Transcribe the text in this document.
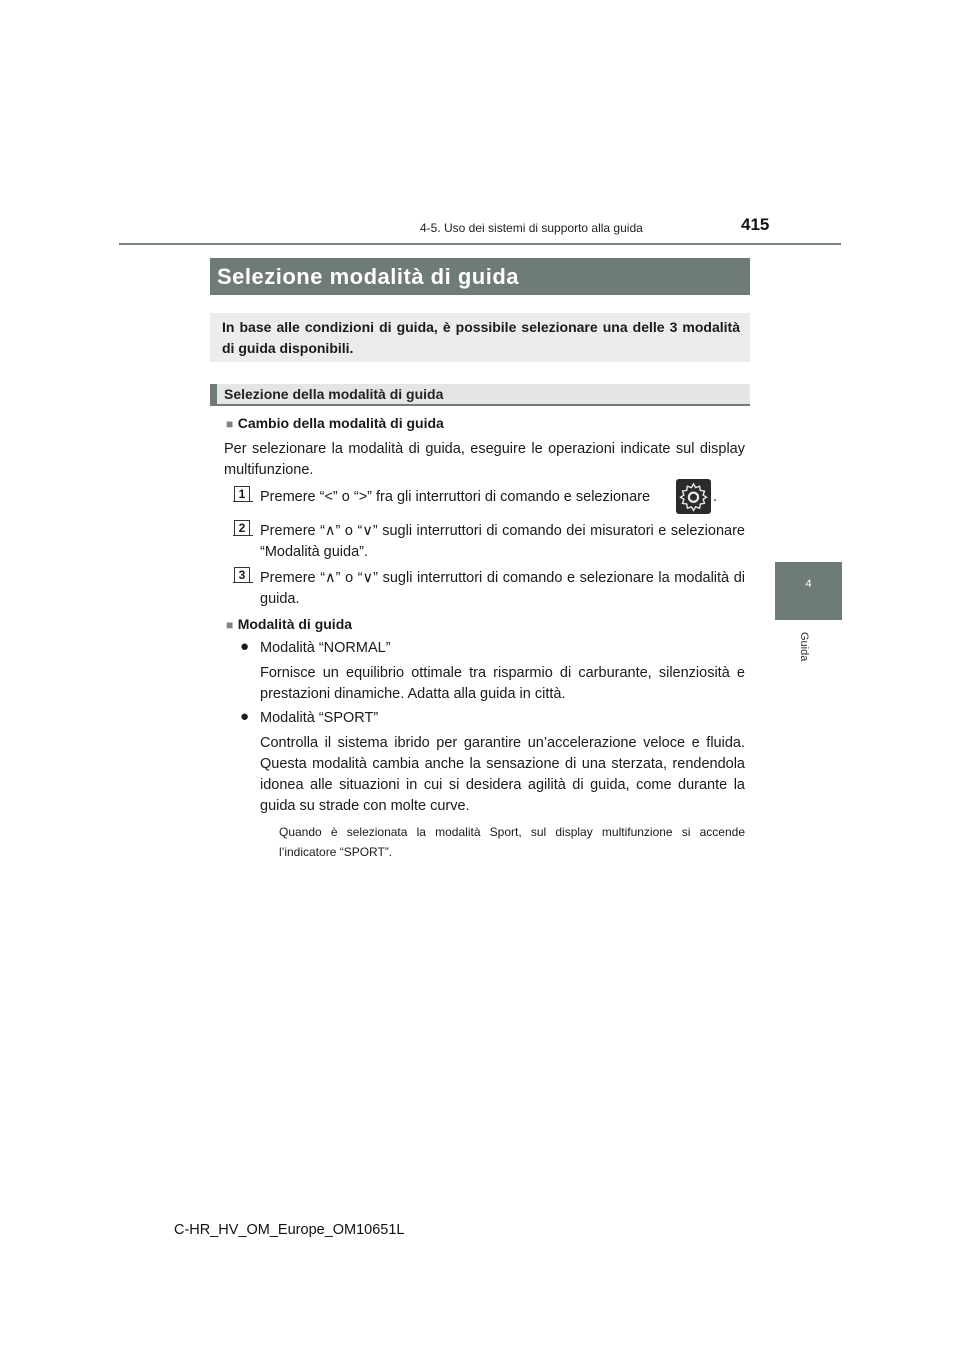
4-5. Uso dei sistemi di supporto alla guida	415
4
Guida
Selezione modalità di guida
In base alle condizioni di guida, è possibile selezionare una delle 3 modalità di guida disponibili.
Selezione della modalità di guida
■ Cambio della modalità di guida
Per selezionare la modalità di guida, eseguire le operazioni indicate sul display multifunzione.
1	Premere “<” o “>” fra gli interruttori di comando e selezionare	.
2	Premere “∧” o “∨” sugli interruttori di comando dei misuratori e selezionare “Modalità guida”.
3	Premere “∧” o “∨” sugli interruttori di comando e selezionare la modalità di guida.
■ Modalità di guida
● Modalità “NORMAL”
Fornisce un equilibrio ottimale tra risparmio di carburante, silenziosità e prestazioni dinamiche. Adatta alla guida in città.
● Modalità “SPORT”
Controlla il sistema ibrido per garantire un’accelerazione veloce e fluida. Questa modalità cambia anche la sensazione di una sterzata, rendendola idonea alle situazioni in cui si desidera agilità di guida, come durante la guida su strade con molte curve.
Quando è selezionata la modalità Sport, sul display multifunzione si accende l’indicatore “SPORT”.
C-HR_HV_OM_Europe_OM10651L
